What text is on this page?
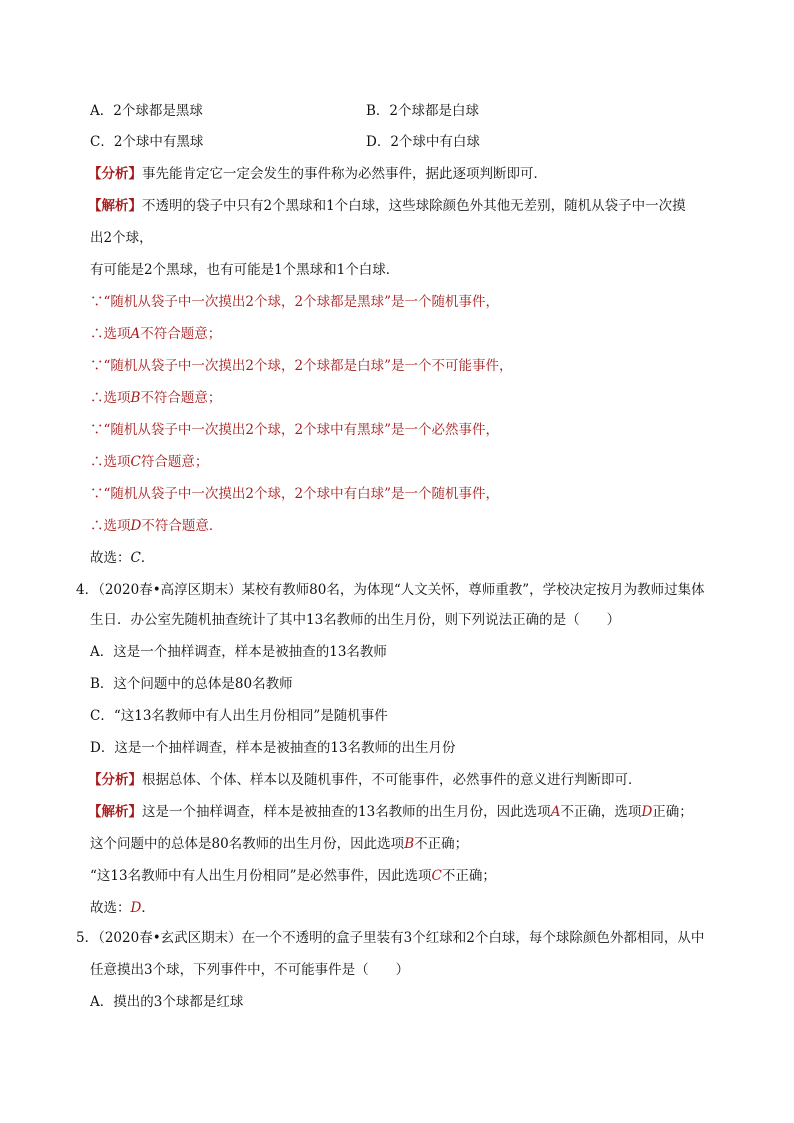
A．2个球都是黑球	B．2个球都是白球
C．2个球中有黑球	D．2个球中有白球
【分析】事先能肯定它一定会发生的事件称为必然事件，据此逐项判断即可．
【解析】不透明的袋子中只有2个黑球和1个白球，这些球除颜色外其他无差别，随机从袋子中一次摸
出2个球，
有可能是2个黑球，也有可能是1个黑球和1个白球．
∵“随机从袋子中一次摸出2个球，2个球都是黑球”是一个随机事件，
∴选项A不符合题意；
∵“随机从袋子中一次摸出2个球，2个球都是白球”是一个不可能事件，
∴选项B不符合题意；
∵“随机从袋子中一次摸出2个球，2个球中有黑球”是一个必然事件，
∴选项C符合题意；
∵“随机从袋子中一次摸出2个球，2个球中有白球”是一个随机事件，
∴选项D不符合题意．
故选：C．
4．（2020春•高淳区期末）某校有教师80名，为体现“人文关怀，尊师重教”，学校决定按月为教师过集体
生日．办公室先随机抽查统计了其中13名教师的出生月份，则下列说法正确的是（　　）
A．这是一个抽样调查，样本是被抽查的13名教师
B．这个问题中的总体是80名教师
C．“这13名教师中有人出生月份相同”是随机事件
D．这是一个抽样调查，样本是被抽查的13名教师的出生月份
【分析】根据总体、个体、样本以及随机事件，不可能事件，必然事件的意义进行判断即可．
【解析】这是一个抽样调查，样本是被抽查的13名教师的出生月份，因此选项A不正确，选项D正确；
这个问题中的总体是80名教师的出生月份，因此选项B不正确；
“这13名教师中有人出生月份相同”是必然事件，因此选项C不正确；
故选：D．
5．（2020春•玄武区期末）在一个不透明的盒子里装有3个红球和2个白球，每个球除颜色外都相同，从中
任意摸出3个球，下列事件中，不可能事件是（　　）
A．摸出的3个球都是红球
